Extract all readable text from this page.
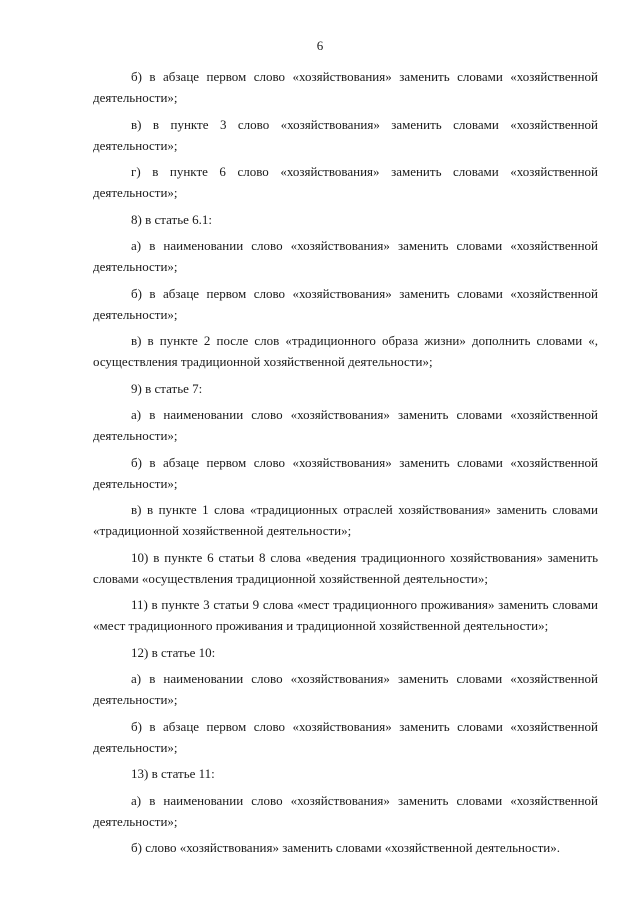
6

б) в абзаце первом слово «хозяйствования» заменить словами «хозяйственной деятельности»;

в) в пункте 3 слово «хозяйствования» заменить словами «хозяйственной деятельности»;

г) в пункте 6 слово «хозяйствования» заменить словами «хозяйственной деятельности»;

8) в статье 6.1:

а) в наименовании слово «хозяйствования» заменить словами «хозяйственной деятельности»;

б) в абзаце первом слово «хозяйствования» заменить словами «хозяйственной деятельности»;

в) в пункте 2 после слов «традиционного образа жизни» дополнить словами «, осуществления традиционной хозяйственной деятельности»;

9) в статье 7:

а) в наименовании слово «хозяйствования» заменить словами «хозяйственной деятельности»;

б) в абзаце первом слово «хозяйствования» заменить словами «хозяйственной деятельности»;

в) в пункте 1 слова «традиционных отраслей хозяйствования» заменить словами «традиционной хозяйственной деятельности»;

10) в пункте 6 статьи 8 слова «ведения традиционного хозяйствования» заменить словами «осуществления традиционной хозяйственной деятельности»;

11) в пункте 3 статьи 9 слова «мест традиционного проживания» заменить словами «мест традиционного проживания и традиционной хозяйственной деятельности»;

12) в статье 10:

а) в наименовании слово «хозяйствования» заменить словами «хозяйственной деятельности»;

б) в абзаце первом слово «хозяйствования» заменить словами «хозяйственной деятельности»;

13) в статье 11:

а) в наименовании слово «хозяйствования» заменить словами «хозяйственной деятельности»;

б) слово «хозяйствования» заменить словами «хозяйственной деятельности».
